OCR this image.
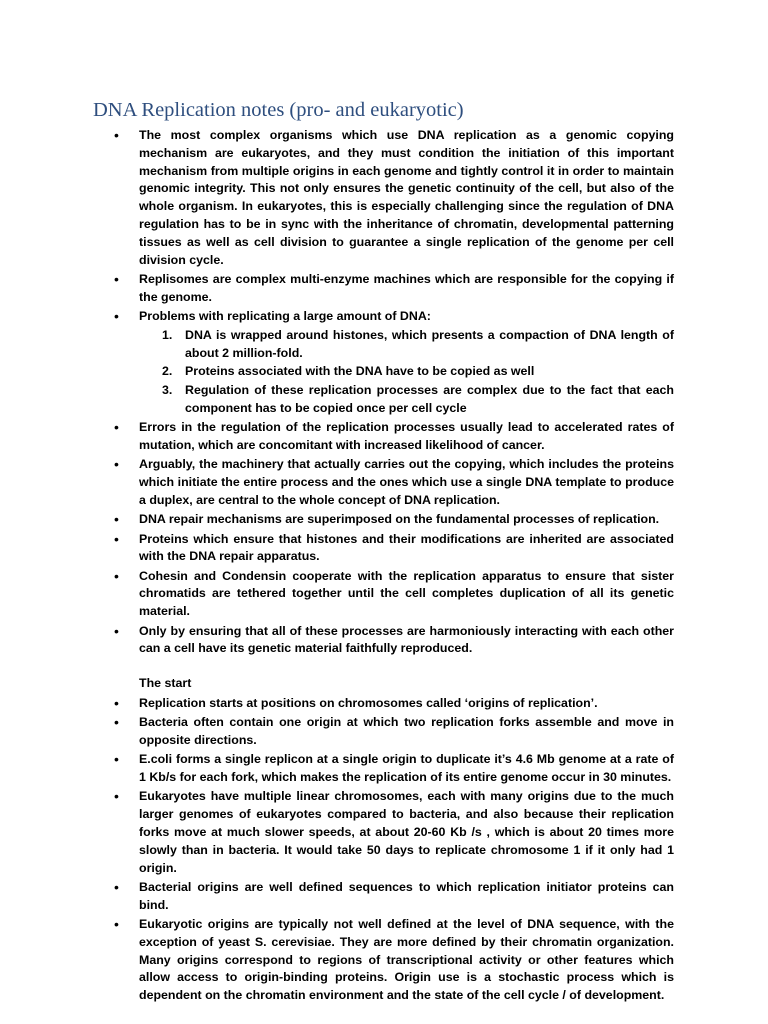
DNA Replication notes (pro- and eukaryotic)
• The most complex organisms which use DNA replication as a genomic copying mechanism are eukaryotes, and they must condition the initiation of this important mechanism from multiple origins in each genome and tightly control it in order to maintain genomic integrity. This not only ensures the genetic continuity of the cell, but also of the whole organism. In eukaryotes, this is especially challenging since the regulation of DNA regulation has to be in sync with the inheritance of chromatin, developmental patterning tissues as well as cell division to guarantee a single replication of the genome per cell division cycle.
• Replisomes are complex multi-enzyme machines which are responsible for the copying if the genome.
• Problems with replicating a large amount of DNA:
1. DNA is wrapped around histones, which presents a compaction of DNA length of about 2 million-fold.
2. Proteins associated with the DNA have to be copied as well
3. Regulation of these replication processes are complex due to the fact that each component has to be copied once per cell cycle
• Errors in the regulation of the replication processes usually lead to accelerated rates of mutation, which are concomitant with increased likelihood of cancer.
• Arguably, the machinery that actually carries out the copying, which includes the proteins which initiate the entire process and the ones which use a single DNA template to produce a duplex, are central to the whole concept of DNA replication.
• DNA repair mechanisms are superimposed on the fundamental processes of replication.
• Proteins which ensure that histones and their modifications are inherited are associated with the DNA repair apparatus.
• Cohesin and Condensin cooperate with the replication apparatus to ensure that sister chromatids are tethered together until the cell completes duplication of all its genetic material.
• Only by ensuring that all of these processes are harmoniously interacting with each other can a cell have its genetic material faithfully reproduced.
The start
• Replication starts at positions on chromosomes called ‘origins of replication’.
• Bacteria often contain one origin at which two replication forks assemble and move in opposite directions.
• E.coli forms a single replicon at a single origin to duplicate it’s 4.6 Mb genome at a rate of 1 Kb/s for each fork, which makes the replication of its entire genome occur in 30 minutes.
• Eukaryotes have multiple linear chromosomes, each with many origins due to the much larger genomes of eukaryotes compared to bacteria, and also because their replication forks move at much slower speeds, at about 20-60 Kb /s , which is about 20 times more slowly than in bacteria. It would take 50 days to replicate chromosome 1 if it only had 1 origin.
• Bacterial origins are well defined sequences to which replication initiator proteins can bind.
• Eukaryotic origins are typically not well defined at the level of DNA sequence, with the exception of yeast S. cerevisiae. They are more defined by their chromatin organization. Many origins correspond to regions of transcriptional activity or other features which allow access to origin-binding proteins. Origin use is a stochastic process which is dependent on the chromatin environment and the state of the cell cycle / of development.
